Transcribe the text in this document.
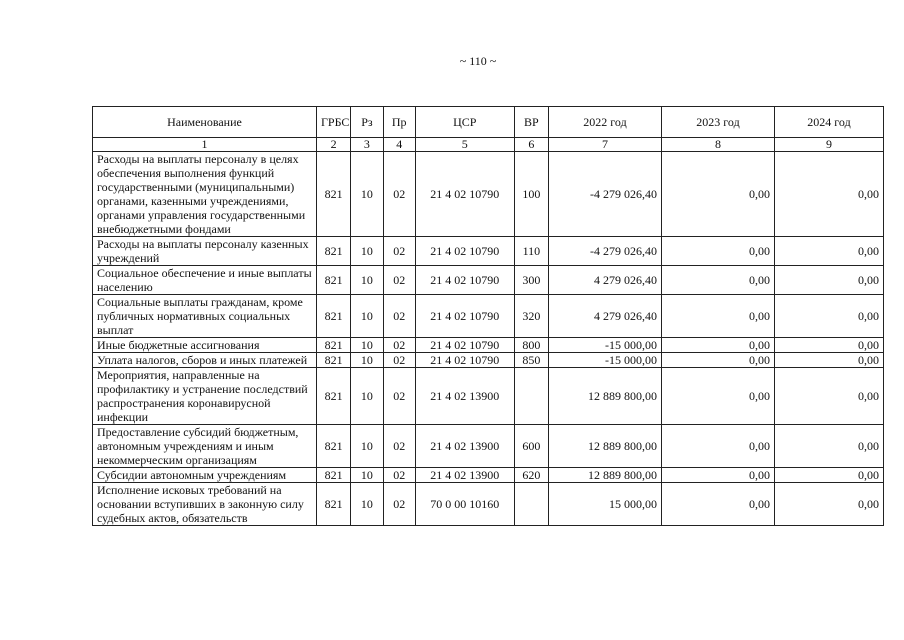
~ 110 ~
Наименование	ГРБС	Рз	Пр	ЦСР	ВР	2022 год	2023 год	2024 год
1	2	3	4	5	6	7	8	9
Расходы на выплаты персоналу в целях обеспечения выполнения функций государственными (муниципальными) органами, казенными учреждениями, органами управления государственными внебюджетными фондами	821	10	02	21 4 02 10790	100	-4 279 026,40	0,00	0,00
Расходы на выплаты персоналу казенных учреждений	821	10	02	21 4 02 10790	110	-4 279 026,40	0,00	0,00
Социальное обеспечение и иные выплаты населению	821	10	02	21 4 02 10790	300	4 279 026,40	0,00	0,00
Социальные выплаты гражданам, кроме публичных нормативных социальных выплат	821	10	02	21 4 02 10790	320	4 279 026,40	0,00	0,00
Иные бюджетные ассигнования	821	10	02	21 4 02 10790	800	-15 000,00	0,00	0,00
Уплата налогов, сборов и иных платежей	821	10	02	21 4 02 10790	850	-15 000,00	0,00	0,00
Мероприятия, направленные на профилактику и устранение последствий распространения коронавирусной инфекции	821	10	02	21 4 02 13900		12 889 800,00	0,00	0,00
Предоставление субсидий бюджетным, автономным учреждениям и иным некоммерческим организациям	821	10	02	21 4 02 13900	600	12 889 800,00	0,00	0,00
Субсидии автономным учреждениям	821	10	02	21 4 02 13900	620	12 889 800,00	0,00	0,00
Исполнение исковых требований на основании вступивших в законную силу судебных актов, обязательств	821	10	02	70 0 00 10160		15 000,00	0,00	0,00
